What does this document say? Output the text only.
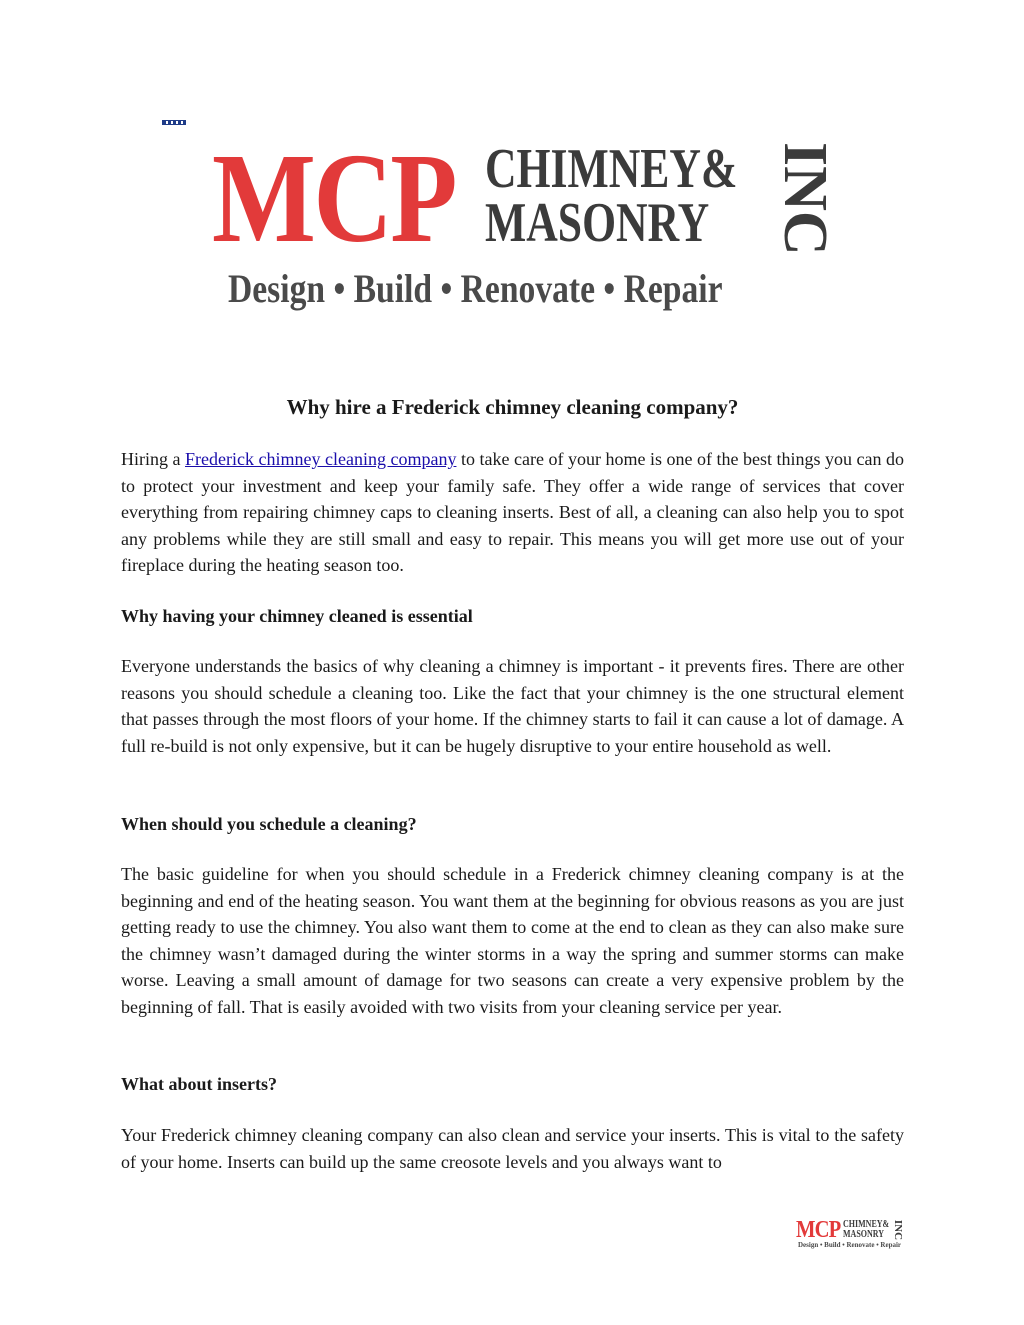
MCP CHIMNEY&
MASONRY INC
Design • Build • Renovate • Repair
Why hire a Frederick chimney cleaning company?

Hiring a Frederick chimney cleaning company to take care of your home is one of the best things you can do to protect your investment and keep your family safe. They offer a wide range of services that cover everything from repairing chimney caps to cleaning inserts. Best of all, a cleaning can also help you to spot any problems while they are still small and easy to repair. This means you will get more use out of your fireplace during the heating season too.

Why having your chimney cleaned is essential

Everyone understands the basics of why cleaning a chimney is important - it prevents fires. There are other reasons you should schedule a cleaning too. Like the fact that your chimney is the one structural element that passes through the most floors of your home. If the chimney starts to fail it can cause a lot of damage. A full re-build is not only expensive, but it can be hugely disruptive to your entire household as well.

When should you schedule a cleaning?

The basic guideline for when you should schedule in a Frederick chimney cleaning company is at the beginning and end of the heating season. You want them at the beginning for obvious reasons as you are just getting ready to use the chimney. You also want them to come at the end to clean as they can also make sure the chimney wasn’t damaged during the winter storms in a way the spring and summer storms can make worse. Leaving a small amount of damage for two seasons can create a very expensive problem by the beginning of fall. That is easily avoided with two visits from your cleaning service per year.

What about inserts?

Your Frederick chimney cleaning company can also clean and service your inserts. This is vital to the safety of your home. Inserts can build up the same creosote levels and you always want to

MCP CHIMNEY&
MASONRY INC
Design • Build • Renovate • Repair
